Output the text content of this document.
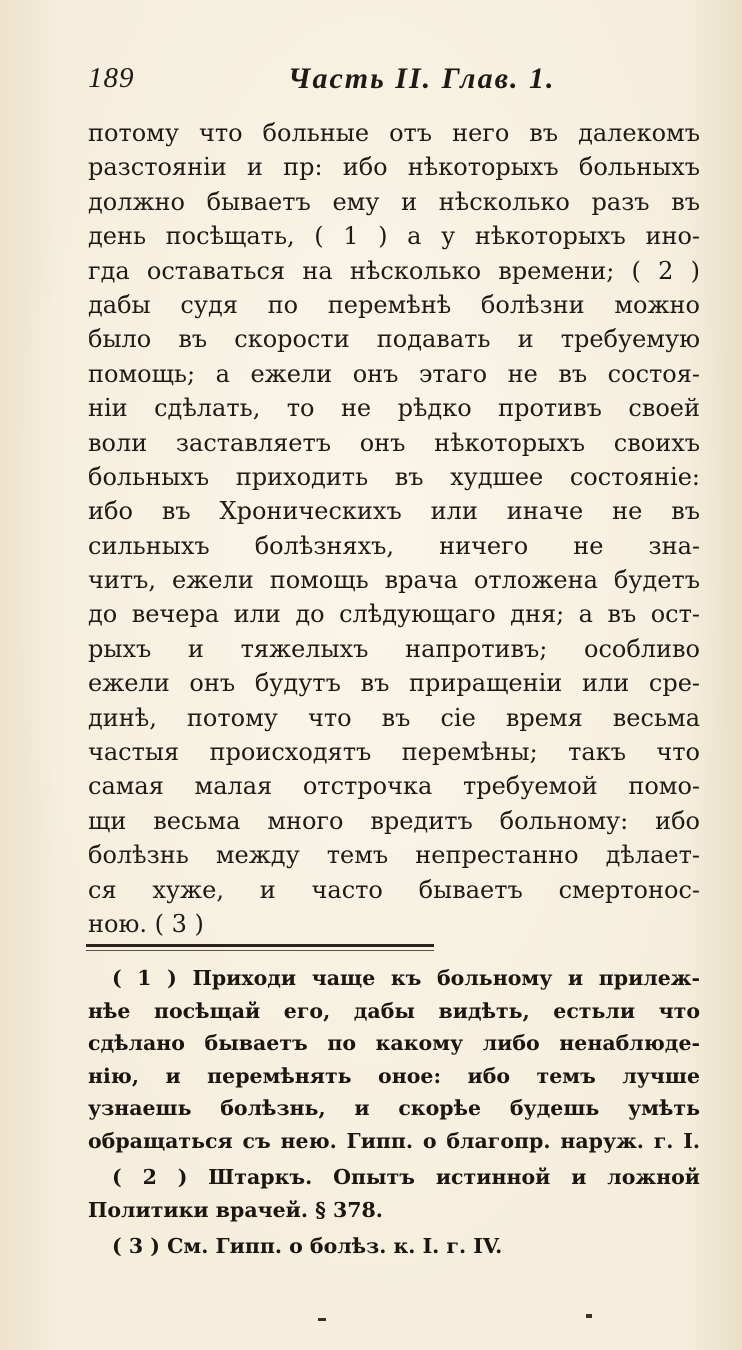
189	Часть II. Глав. 1.
потому что больные отъ него въ далекомъ
разстояніи и пр: ибо нѣкоторыхъ больныхъ
должно бываетъ ему и нѣсколько разъ въ
день посѣщать, ( 1 ) а у нѣкоторыхъ ино-
гда оставаться на нѣсколько времени; ( 2 )
дабы судя по перемѣнѣ болѣзни можно
было въ скорости подавать и требуемую
помощь; а ежели онъ этаго не въ состоя-
ніи сдѣлать, то не рѣдко противъ своей
воли заставляетъ онъ нѣкоторыхъ своихъ
больныхъ приходить въ худшее состояніе:
ибо въ Хроническихъ или иначе не въ
сильныхъ болѣзняхъ, ничего не зна-
читъ, ежели помощь врача отложена будетъ
до вечера или до слѣдующаго дня; а въ ост-
рыхъ и тяжелыхъ напротивъ; особливо
ежели онъ будутъ въ приращеніи или сре-
динѣ, потому что въ сіе время весьма
частыя происходятъ перемѣны; такъ что
самая малая отстрочка требуемой помо-
щи весьма много вредитъ больному: ибо
болѣзнь между темъ непрестанно дѣлает-
ся хуже, и часто бываетъ смертонос-
ною. ( 3 )
( 1 ) Приходи чаще къ больному и прилеж-
нѣе посѣщай его, дабы видѣть, естьли что
сдѣлано бываетъ по какому либо ненаблюде-
нію, и перемѣнять оное: ибо темъ лучше
узнаешь болѣзнь, и скорѣе будешь умѣть
обращаться съ нею. Гипп. о благопр. наруж. г. I.
( 2 ) Штаркъ. Опытъ истинной и ложной
Политики врачей. § 378.
( 3 ) См. Гипп. о болѣз. к. I. г. IV.
